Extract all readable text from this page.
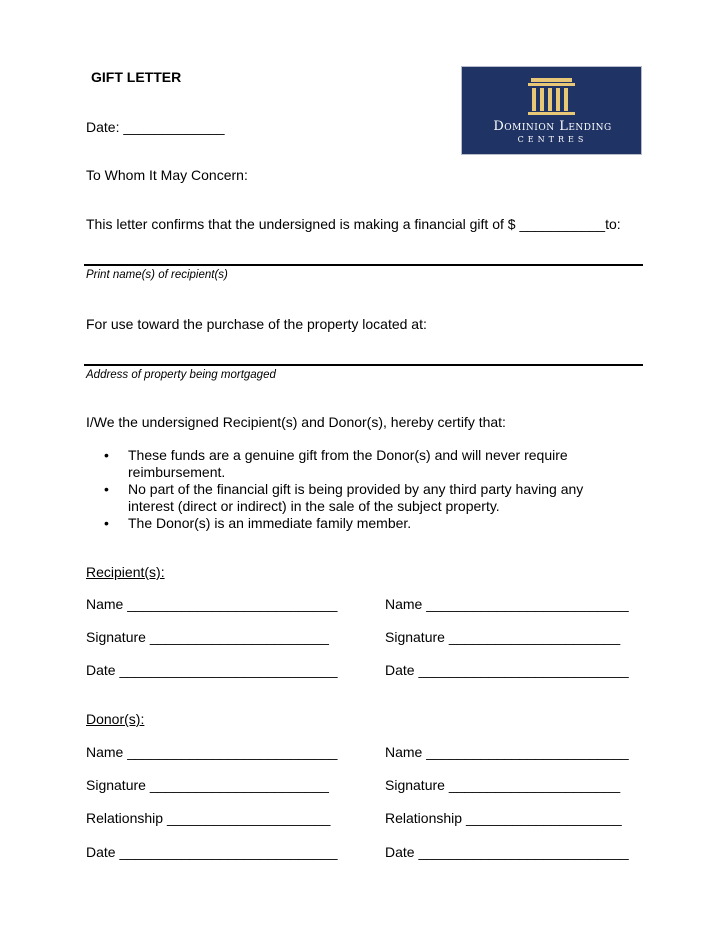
GIFT LETTER
Dominion Lending
CENTRES
Date: _____________
To Whom It May Concern:
This letter confirms that the undersigned is making a financial gift of $ ___________to:
Print name(s) of recipient(s)
For use toward the purchase of the property located at:
Address of property being mortgaged
I/We the undersigned Recipient(s) and Donor(s), hereby certify that:
• These funds are a genuine gift from the Donor(s) and will never require
reimbursement.
• No part of the financial gift is being provided by any third party having any
interest (direct or indirect) in the sale of the subject property.
• The Donor(s) is an immediate family member.
Recipient(s):
Name ___________________________	Name __________________________
Signature _______________________	Signature ______________________
Date ____________________________	Date ___________________________
Donor(s):
Name ___________________________	Name __________________________
Signature _______________________	Signature ______________________
Relationship _____________________	Relationship ____________________
Date ____________________________	Date ___________________________
